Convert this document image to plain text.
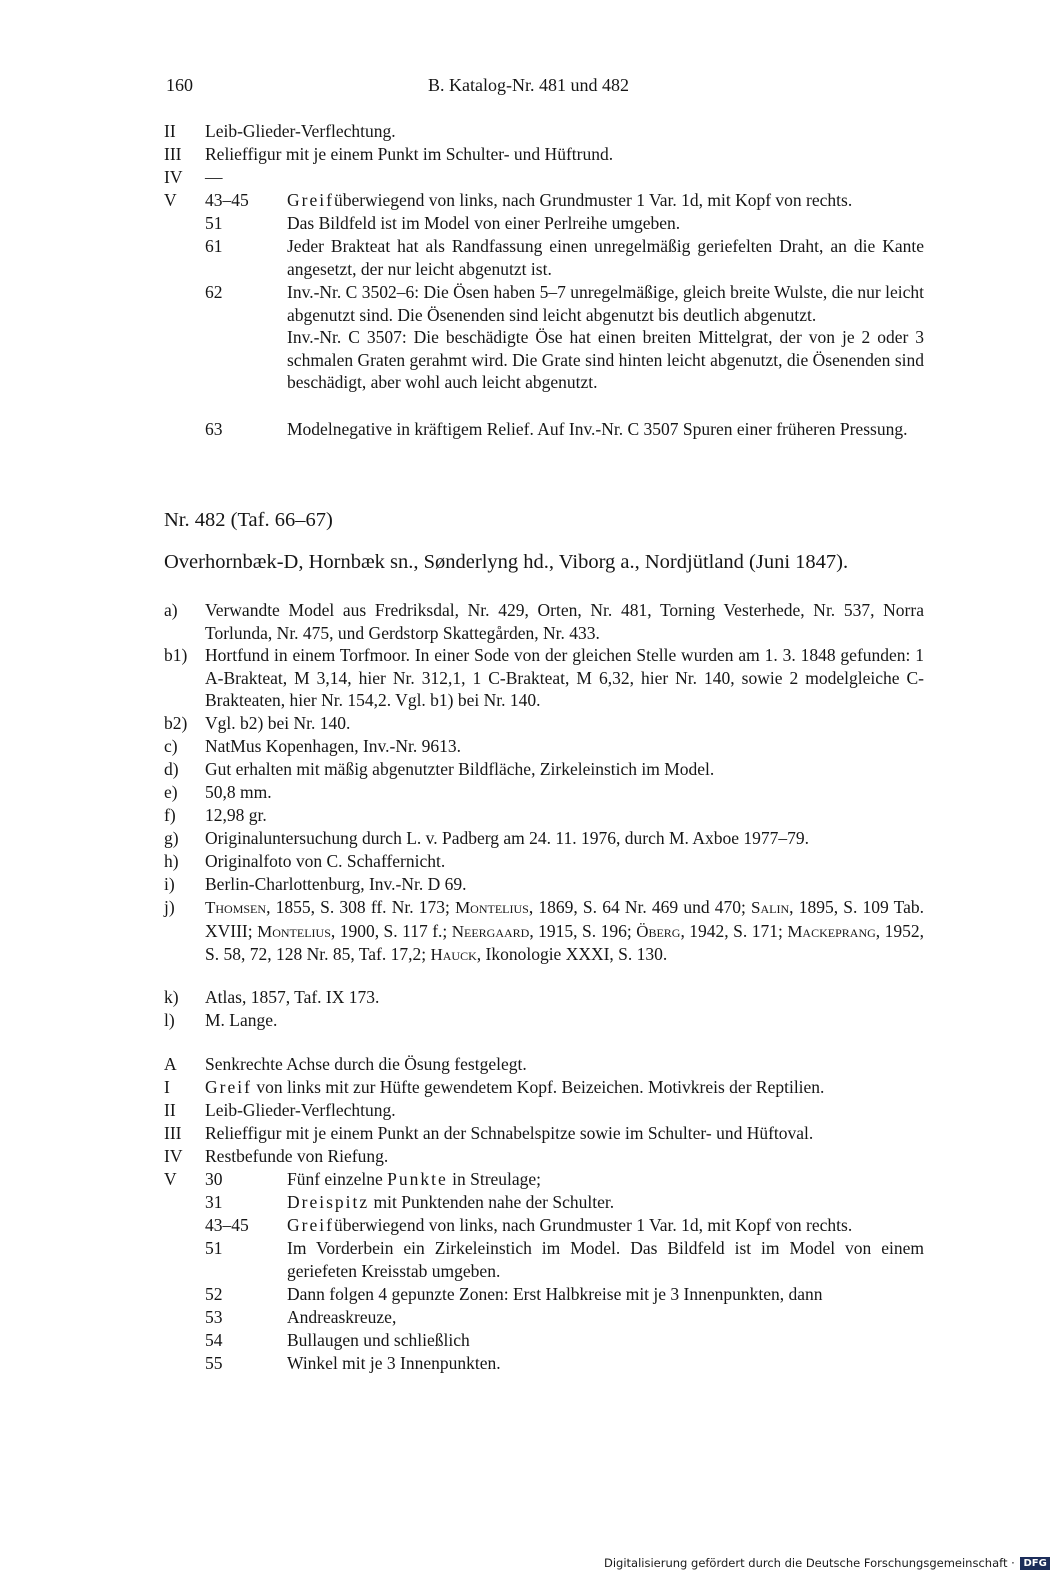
160	B. Katalog-Nr. 481 und 482
II Leib-Glieder-Verflechtung.
III Relieffigur mit je einem Punkt im Schulter- und Hüftrund.
IV —
V 43–45 Greifüberwiegend von links, nach Grundmuster 1 Var. 1d, mit Kopf von rechts.
51	Das Bildfeld ist im Model von einer Perlreihe umgeben.
61	Jeder Brakteat hat als Randfassung einen unregelmäßig geriefelten Draht, an die Kante angesetzt, der nur leicht abgenutzt ist.
62	Inv.-Nr. C 3502–6: Die Ösen haben 5–7 unregelmäßige, gleich breite Wulste, die nur leicht abgenutzt sind. Die Ösenenden sind leicht abgenutzt bis deutlich abgenutzt.
Inv.-Nr. C 3507: Die beschädigte Öse hat einen breiten Mittelgrat, der von je 2 oder 3 schmalen Graten gerahmt wird. Die Grate sind hinten leicht abgenutzt, die Ösenenden sind beschädigt, aber wohl auch leicht abgenutzt.
63	Modelnegative in kräftigem Relief. Auf Inv.-Nr. C 3507 Spuren einer früheren Pressung.
Nr. 482 (Taf. 66–67)
Overhornbæk-D, Hornbæk sn., Sønderlyng hd., Viborg a., Nordjütland (Juni 1847).
a) Verwandte Model aus Fredriksdal, Nr. 429, Orten, Nr. 481, Torning Vesterhede, Nr. 537, Norra Torlunda, Nr. 475, und Gerdstorp Skattegården, Nr. 433.
b1) Hortfund in einem Torfmoor. In einer Sode von der gleichen Stelle wurden am 1. 3. 1848 gefunden: 1 A-Brakteat, M 3,14, hier Nr. 312,1, 1 C-Brakteat, M 6,32, hier Nr. 140, sowie 2 modelgleiche C-Brakteaten, hier Nr. 154,2. Vgl. b1) bei Nr. 140.
b2) Vgl. b2) bei Nr. 140.
c) NatMus Kopenhagen, Inv.-Nr. 9613.
d) Gut erhalten mit mäßig abgenutzter Bildfläche, Zirkeleinstich im Model.
e) 50,8 mm.
f) 12,98 gr.
g) Originaluntersuchung durch L. v. Padberg am 24. 11. 1976, durch M. Axboe 1977–79.
h) Originalfoto von C. Schaffernicht.
i) Berlin-Charlottenburg, Inv.-Nr. D 69.
j) Thomsen, 1855, S. 308 ff. Nr. 173; Montelius, 1869, S. 64 Nr. 469 und 470; Salin, 1895, S. 109 Tab. XVIII; Montelius, 1900, S. 117 f.; Neergaard, 1915, S. 196; Öberg, 1942, S. 171; Mackeprang, 1952, S. 58, 72, 128 Nr. 85, Taf. 17,2; Hauck, Ikonologie XXXI, S. 130.
k) Atlas, 1857, Taf. IX 173.
l) M. Lange.
A Senkrechte Achse durch die Ösung festgelegt.
I Greif von links mit zur Hüfte gewendetem Kopf. Beizeichen. Motivkreis der Reptilien.
II Leib-Glieder-Verflechtung.
III Relieffigur mit je einem Punkt an der Schnabelspitze sowie im Schulter- und Hüftoval.
IV Restbefunde von Riefung.
V 30	Fünf einzelne Punkte in Streulage;
31	Dreispitz mit Punktenden nahe der Schulter.
43–45 Greifüberwiegend von links, nach Grundmuster 1 Var. 1d, mit Kopf von rechts.
51	Im Vorderbein ein Zirkeleinstich im Model. Das Bildfeld ist im Model von einem geriefeten Kreisstab umgeben.
52	Dann folgen 4 gepunzte Zonen: Erst Halbkreise mit je 3 Innenpunkten, dann
53	Andreaskreuze,
54	Bullaugen und schließlich
55	Winkel mit je 3 Innenpunkten.
Digitalisierung gefördert durch die Deutsche Forschungsgemeinschaft · DFG
